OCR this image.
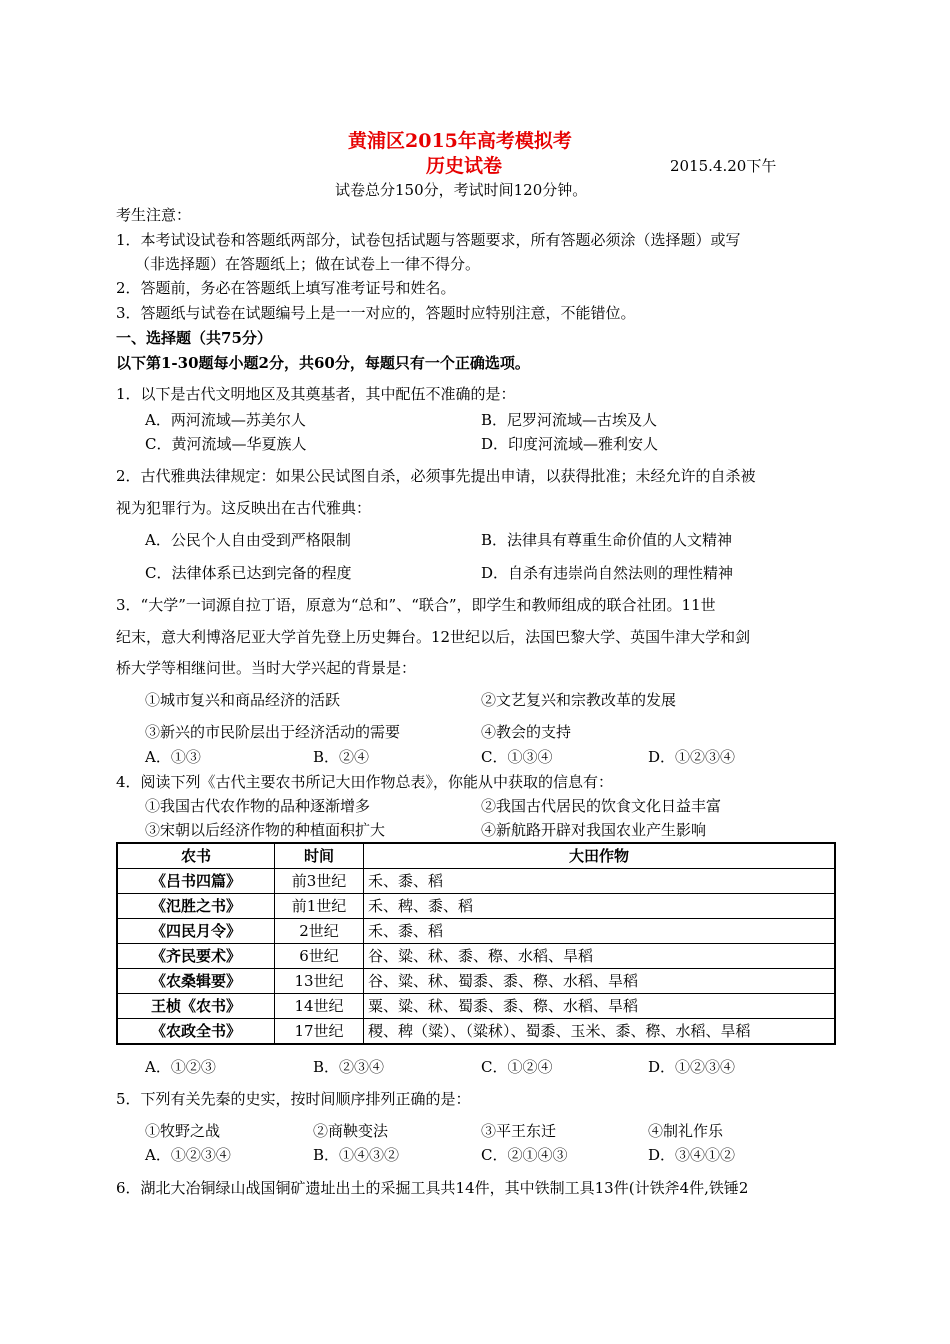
黄浦区2015年高考模拟考
历史试卷	2015.4.20下午
试卷总分150分，考试时间120分钟。
考生注意：
1．本考试设试卷和答题纸两部分，试卷包括试题与答题要求，所有答题必须涂（选择题）或写
（非选择题）在答题纸上；做在试卷上一律不得分。
2．答题前，务必在答题纸上填写准考证号和姓名。
3．答题纸与试卷在试题编号上是一一对应的，答题时应特别注意，不能错位。
一、选择题（共75分）
以下第1-30题每小题2分，共60分，每题只有一个正确选项。
1．以下是古代文明地区及其奠基者，其中配伍不准确的是：
A．两河流域—苏美尔人	B．尼罗河流域—古埃及人
C．黄河流域—华夏族人	D．印度河流域—雅利安人
2．古代雅典法律规定：如果公民试图自杀，必须事先提出申请，以获得批准；未经允许的自杀被
视为犯罪行为。这反映出在古代雅典：
A．公民个人自由受到严格限制	B．法律具有尊重生命价值的人文精神
C．法律体系已达到完备的程度	D．自杀有违崇尚自然法则的理性精神
3．“大学”一词源自拉丁语，原意为“总和”、“联合”，即学生和教师组成的联合社团。11世
纪末，意大利博洛尼亚大学首先登上历史舞台。12世纪以后，法国巴黎大学、英国牛津大学和剑
桥大学等相继问世。当时大学兴起的背景是：
①城市复兴和商品经济的活跃	②文艺复兴和宗教改革的发展
③新兴的市民阶层出于经济活动的需要	④教会的支持
A．①③	B．②④	C．①③④	D．①②③④
4．阅读下列《古代主要农书所记大田作物总表》，你能从中获取的信息有：
①我国古代农作物的品种逐渐增多	②我国古代居民的饮食文化日益丰富
③宋朝以后经济作物的种植面积扩大	④新航路开辟对我国农业产生影响
农书	时间	大田作物
《吕书四篇》	前3世纪	禾、黍、稻
《氾胜之书》	前1世纪	禾、稗、黍、稻
《四民月令》	2世纪	禾、黍、稻
《齐民要术》	6世纪	谷、粱、秫、黍、穄、水稻、旱稻
《农桑辑要》	13世纪	谷、粱、秫、蜀黍、黍、穄、水稻、旱稻
王桢《农书》	14世纪	粟、粱、秫、蜀黍、黍、穄、水稻、旱稻
《农政全书》	17世纪	稷、稗（粱）、（粱秫）、蜀黍、玉米、黍、穄、水稻、旱稻
A．①②③	B．②③④	C．①②④	D．①②③④
5．下列有关先秦的史实，按时间顺序排列正确的是：
①牧野之战	②商鞅变法	③平王东迁	④制礼作乐
A．①②③④	B．①④③②	C．②①④③	D．③④①②
6．湖北大冶铜绿山战国铜矿遗址出土的采掘工具共14件，其中铁制工具13件(计铁斧4件,铁锤2
